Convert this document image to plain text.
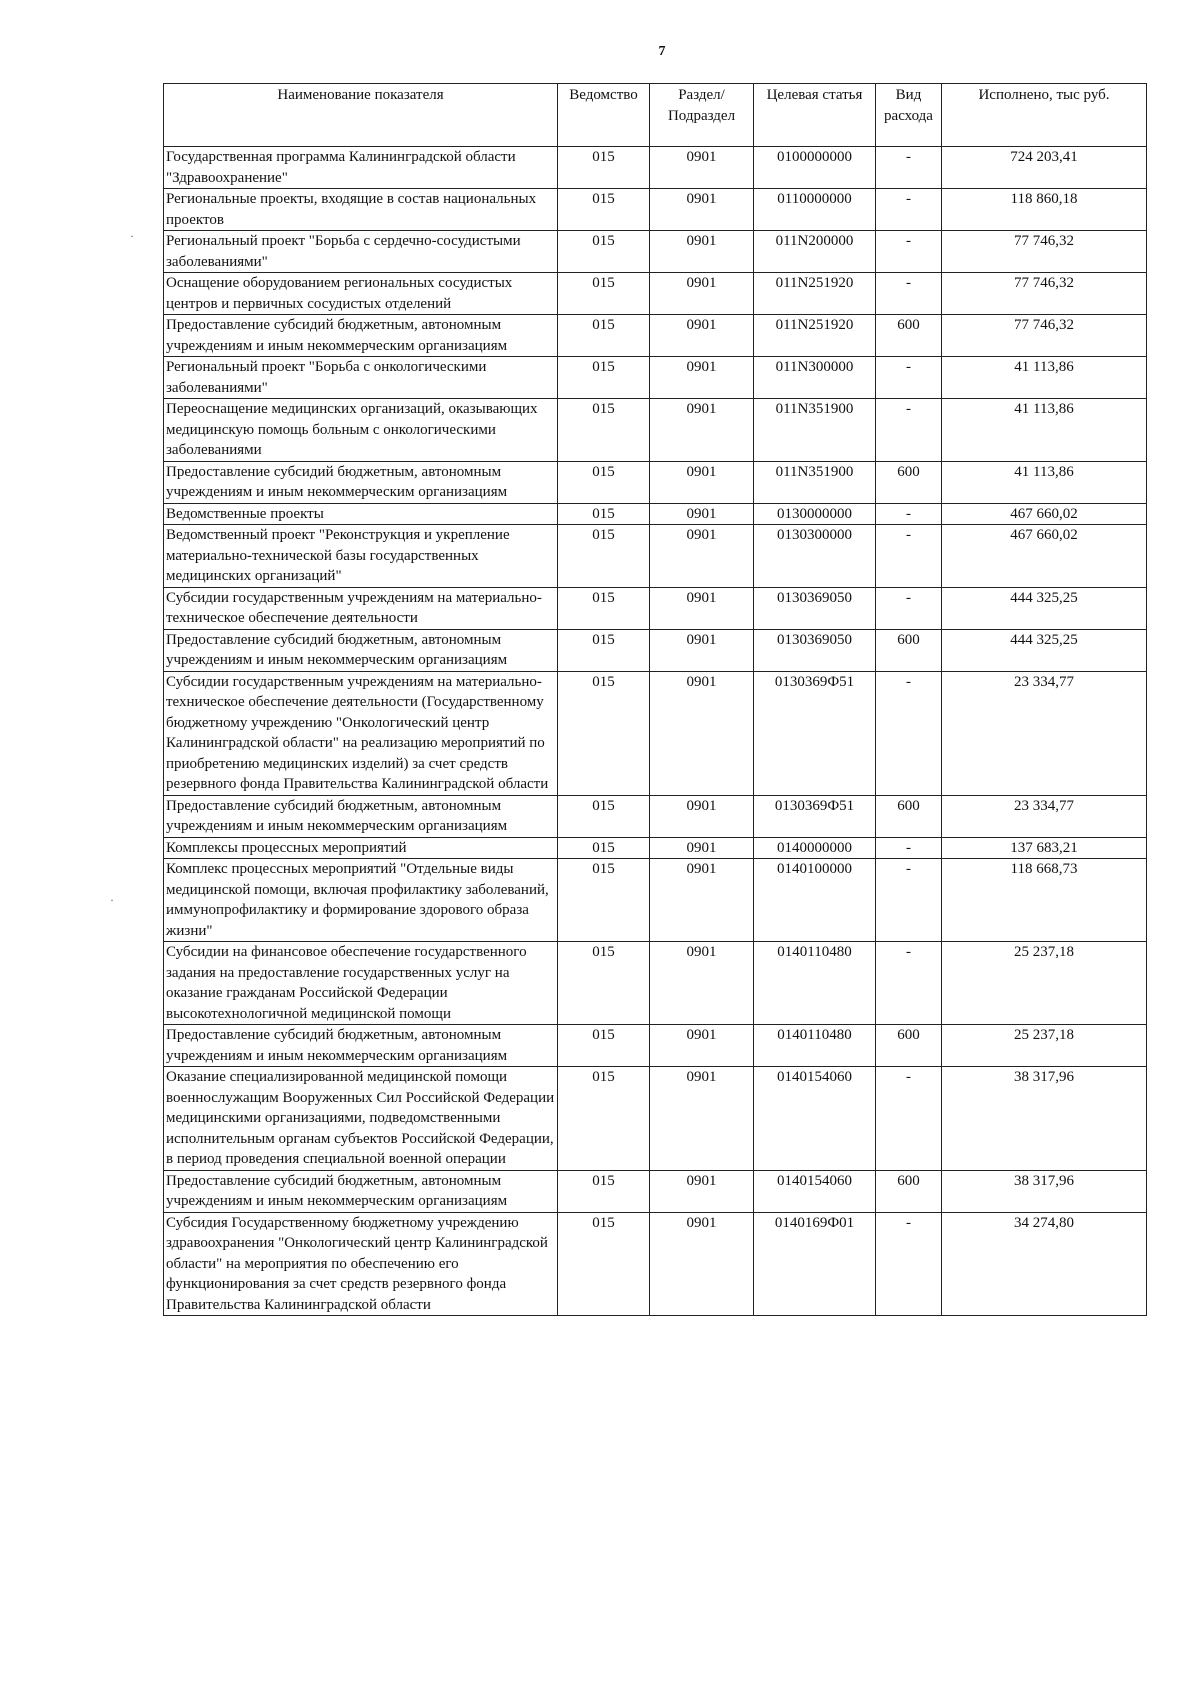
7
·
·
Наименование показателя	Ведомство	Раздел/ Подраздел	Целевая статья	Вид расхода	Исполнено, тыс руб.
Государственная программа Калининградской области "Здравоохранение"	015	0901	0100000000	-	724 203,41
Региональные проекты, входящие в состав национальных проектов	015	0901	0110000000	-	118 860,18
Региональный проект "Борьба с сердечно-сосудистыми заболеваниями"	015	0901	011N200000	-	77 746,32
Оснащение оборудованием региональных сосудистых центров и первичных сосудистых отделений	015	0901	011N251920	-	77 746,32
Предоставление субсидий бюджетным, автономным учреждениям и иным некоммерческим организациям	015	0901	011N251920	600	77 746,32
Региональный проект "Борьба с онкологическими заболеваниями"	015	0901	011N300000	-	41 113,86
Переоснащение медицинских организаций, оказывающих медицинскую помощь больным с онкологическими заболеваниями	015	0901	011N351900	-	41 113,86
Предоставление субсидий бюджетным, автономным учреждениям и иным некоммерческим организациям	015	0901	011N351900	600	41 113,86
Ведомственные проекты	015	0901	0130000000	-	467 660,02
Ведомственный проект "Реконструкция и укрепление материально-технической базы государственных медицинских организаций"	015	0901	0130300000	-	467 660,02
Субсидии государственным учреждениям на материально-техническое обеспечение деятельности	015	0901	0130369050	-	444 325,25
Предоставление субсидий бюджетным, автономным учреждениям и иным некоммерческим организациям	015	0901	0130369050	600	444 325,25
Субсидии государственным учреждениям на материально-техническое обеспечение деятельности (Государственному бюджетному учреждению "Онкологический центр Калининградской области" на реализацию мероприятий по приобретению медицинских изделий) за счет средств резервного фонда Правительства Калининградской области	015	0901	0130369Ф51	-	23 334,77
Предоставление субсидий бюджетным, автономным учреждениям и иным некоммерческим организациям	015	0901	0130369Ф51	600	23 334,77
Комплексы процессных мероприятий	015	0901	0140000000	-	137 683,21
Комплекс процессных мероприятий "Отдельные виды медицинской помощи, включая профилактику заболеваний, иммунопрофилактику и формирование здорового образа жизни"	015	0901	0140100000	-	118 668,73
Субсидии на финансовое обеспечение государственного задания на предоставление государственных услуг на оказание гражданам Российской Федерации высокотехнологичной медицинской помощи	015	0901	0140110480	-	25 237,18
Предоставление субсидий бюджетным, автономным учреждениям и иным некоммерческим организациям	015	0901	0140110480	600	25 237,18
Оказание специализированной медицинской помощи военнослужащим Вооруженных Сил Российской Федерации медицинскими организациями, подведомственными исполнительным органам субъектов Российской Федерации, в период проведения специальной военной операции	015	0901	0140154060	-	38 317,96
Предоставление субсидий бюджетным, автономным учреждениям и иным некоммерческим организациям	015	0901	0140154060	600	38 317,96
Субсидия Государственному бюджетному учреждению здравоохранения "Онкологический центр Калининградской области" на мероприятия по обеспечению его функционирования за счет средств резервного фонда Правительства Калининградской области	015	0901	0140169Ф01	-	34 274,80
